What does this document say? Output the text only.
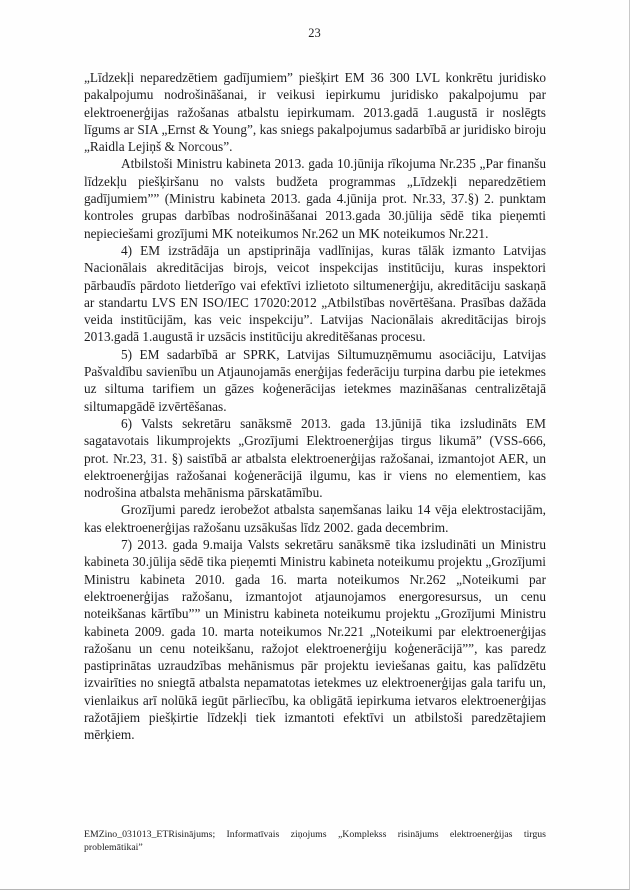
23

„Līdzekļi neparedzētiem gadījumiem” piešķirt EM 36 300 LVL konkrētu juridisko pakalpojumu nodrošināšanai, ir veikusi iepirkumu juridisko pakalpojumu par elektroenerģijas ražošanas atbalstu iepirkumam. 2013.gadā 1.augustā ir noslēgts līgums ar SIA „Ernst & Young”, kas sniegs pakalpojumus sadarbībā ar juridisko biroju „Raidla Lejiņš & Norcous”.

Atbilstoši Ministru kabineta 2013. gada 10.jūnija rīkojuma Nr.235 „Par finanšu līdzekļu piešķiršanu no valsts budžeta programmas „Līdzekļi neparedzētiem gadījumiem”” (Ministru kabineta 2013. gada 4.jūnija prot. Nr.33, 37.§) 2. punktam kontroles grupas darbības nodrošināšanai 2013.gada 30.jūlija sēdē tika pieņemti nepieciešami grozījumi MK noteikumos Nr.262 un MK noteikumos Nr.221.

4) EM izstrādāja un apstiprināja vadlīnijas, kuras tālāk izmanto Latvijas Nacionālais akreditācijas birojs, veicot inspekcijas institūciju, kuras inspektori pārbaudīs pārdoto lietderīgo vai efektīvi izlietoto siltumenerģiju, akreditāciju saskaņā ar standartu LVS EN ISO/IEC 17020:2012 „Atbilstības novērtēšana. Prasības dažāda veida institūcijām, kas veic inspekciju”. Latvijas Nacionālais akreditācijas birojs 2013.gadā 1.augustā ir uzsācis institūciju akreditēšanas procesu.

5) EM sadarbībā ar SPRK, Latvijas Siltumuzņēmumu asociāciju, Latvijas Pašvaldību savienību un Atjaunojamās enerģijas federāciju turpina darbu pie ietekmes uz siltuma tarifiem un gāzes koģenerācijas ietekmes mazināšanas centralizētajā siltumapgādē izvērtēšanas.

6) Valsts sekretāru sanāksmē 2013. gada 13.jūnijā tika izsludināts EM sagatavotais likumprojekts „Grozījumi Elektroenerģijas tirgus likumā” (VSS-666, prot. Nr.23, 31. §) saistībā ar atbalsta elektroenerģijas ražošanai, izmantojot AER, un elektroenerģijas ražošanai koģenerācijā ilgumu, kas ir viens no elementiem, kas nodrošina atbalsta mehānisma pārskatāmību.

Grozījumi paredz ierobežot atbalsta saņemšanas laiku 14 vēja elektrostacijām, kas elektroenerģijas ražošanu uzsākušas līdz 2002. gada decembrim.

7) 2013. gada 9.maija Valsts sekretāru sanāksmē tika izsludināti un Ministru kabineta 30.jūlija sēdē tika pieņemti Ministru kabineta noteikumu projektu „Grozījumi Ministru kabineta 2010. gada 16. marta noteikumos Nr.262 „Noteikumi par elektroenerģijas ražošanu, izmantojot atjaunojamos energoresursus, un cenu noteikšanas kārtību”” un Ministru kabineta noteikumu projektu „Grozījumi Ministru kabineta 2009. gada 10. marta noteikumos Nr.221 „Noteikumi par elektroenerģijas ražošanu un cenu noteikšanu, ražojot elektroenerģiju koģenerācijā””, kas paredz pastiprinātas uzraudzības mehānismus pār projektu ieviešanas gaitu, kas palīdzētu izvairīties no sniegtā atbalsta nepamatotas ietekmes uz elektroenerģijas gala tarifu un, vienlaikus arī nolūkā iegūt pārliecību, ka obligātā iepirkuma ietvaros elektroenerģijas ražotājiem piešķirtie līdzekļi tiek izmantoti efektīvi un atbilstoši paredzētajiem mērķiem.

EMZino_031013_ETRisinājums; Informatīvais ziņojums „Komplekss risinājums elektroenerģijas tirgus problemātikai”
